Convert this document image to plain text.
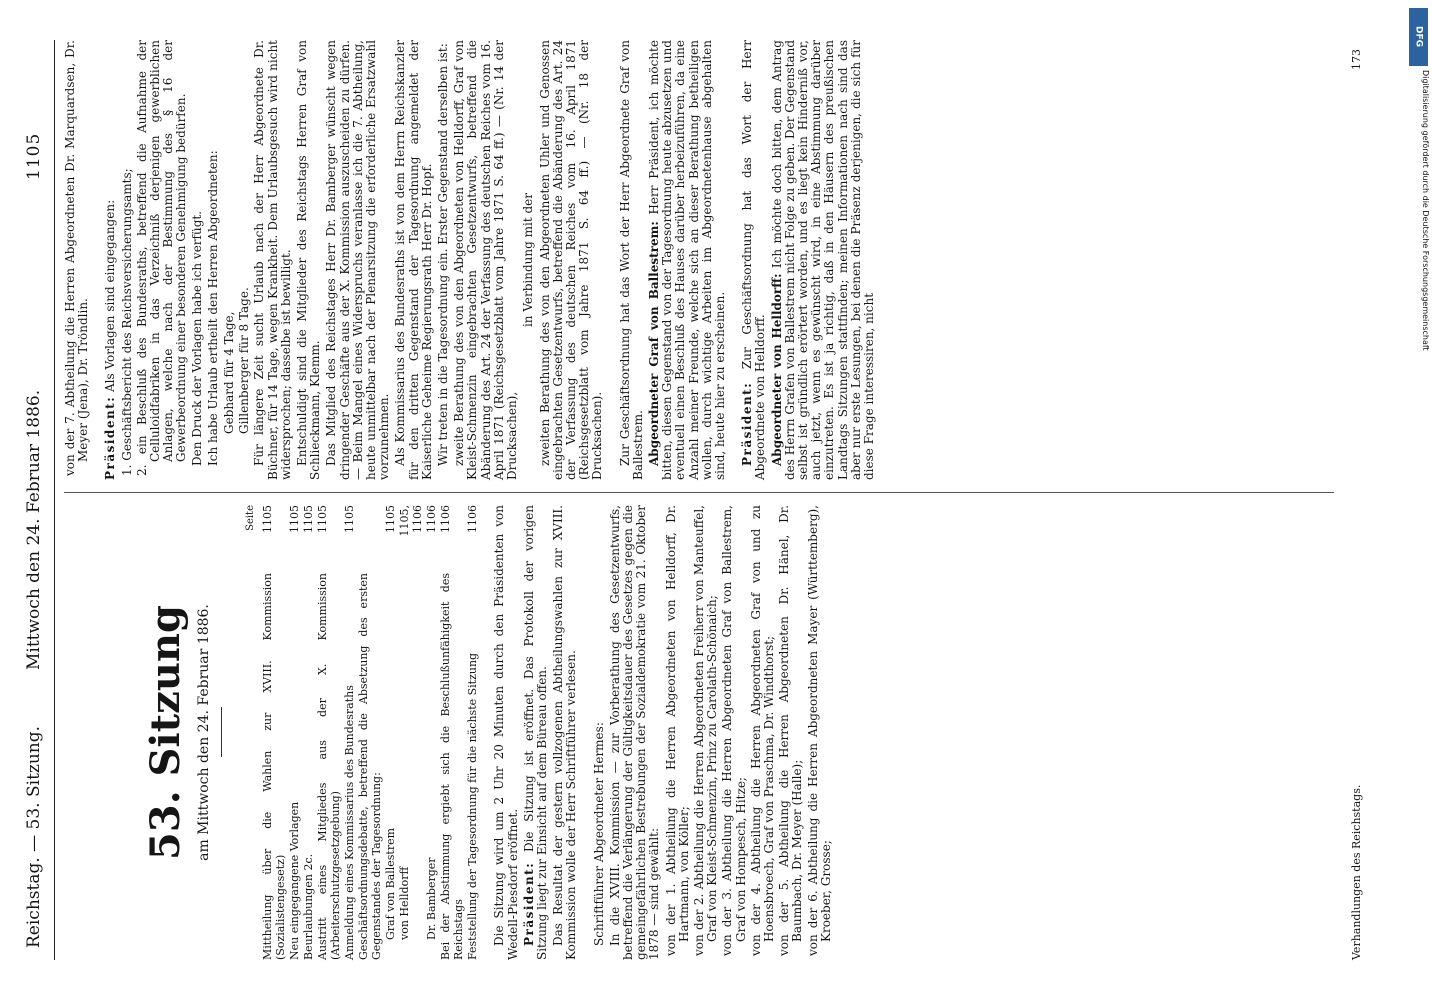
Reichstag. — 53. Sitzung.
Mittwoch den 24. Februar 1886.
1105
53. Sitzung am Mittwoch den 24. Februar 1886.
Seite
Mittheilung über die Wahlen zur XVIII. Kommission (Sozialistengesetz)
1105
Neu eingegangene Vorlagen
1105
Beurlaubungen 2c.
1105
Austritt eines Mitgliedes aus der X. Kommission (Arbeiterschutzgesetzgebung)
1105
Anmeldung eines Kommissarius des Bundesraths
1105
Geschäftsordnungsdebatte, betreffend die Absetzung des ersten Gegenstandes der Tagesordnung: Graf von Ballestrem
1105
von Helldorff
1105, 1106
Dr. Bamberger
1106
Bei der Abstimmung ergiebt sich die Beschlußunfähigkeit des Reichstags
1106
Feststellung der Tagesordnung für die nächste Sitzung
1106 Die Sitzung wird um 2 Uhr 20 Minuten durch den Präsidenten von Wedell-Piesdorf eröffnet. Präsident: Die Sitzung ist eröffnet. Das Protokoll der vorigen Sitzung liegt zur Einsicht auf dem Büreau offen. Das Resultat der gestern vollzogenen Abtheilungswahlen zur XVIII. Kommission wolle der Herr Schriftführer verlesen. Schriftführer Abgeordneter Hermes: In die XVIII. Kommission — zur Vorberathung des Gesetzentwurfs, betreffend die Verlängerung der Gültigkeitsdauer des Gesetzes gegen die gemeingefährlichen Bestrebungen der Sozialdemokratie vom 21. Oktober 1878 — sind gewählt: von der 1. Abtheilung die Herren Abgeordneten von Helldorff, Dr. Hartmann, von Köller; von der 2. Abtheilung die Herren Abgeordneten Freiherr von Manteuffel, Graf von Kleist-Schmenzin, Prinz zu Carolath-Schönaich; von der 3. Abtheilung die Herren Abgeordneten Graf von Ballestrem, Graf von Hompesch, Hitze; von der 4. Abtheilung die Herren Abgeordneten Graf von und zu Hoensbroech, Graf von Praschma, Dr. Windthorst; von der 5. Abtheilung die Herren Abgeordneten Dr. Hänel, Dr. Baumbach, Dr. Meyer (Halle); von der 6. Abtheilung die Herren Abgeordneten Mayer (Württemberg), Kroeber, Grosse;
von der 7. Abtheilung die Herren Abgeordneten Dr. Marquardsen, Dr. Meyer (Jena), Dr. Tröndlin. Präsident: Als Vorlagen sind eingegangen: 1. Geschäftsbericht des Reichsversicherungsamts; 2. ein Beschluß des Bundesraths, betreffend die Aufnahme der Celluloidfabriken in das Verzeichniß derjenigen gewerblichen Anlagen, welche nach der Bestimmung des § 16 der Gewerbeordnung einer besonderen Genehmigung bedürfen. Den Druck der Vorlagen habe ich verfügt. Ich habe Urlaub ertheilt den Herren Abgeordneten: Gebhard für 4 Tage, Gillenberger für 8 Tage. Für längere Zeit sucht Urlaub nach der Herr Abgeordnete Dr. Büchner, für 14 Tage, wegen Krankheit. Dem Urlaubsgesuch wird nicht widersprochen; dasselbe ist bewilligt. Entschuldigt sind die Mitglieder des Reichstags Herren Graf von Schlieckmann, Klemm. Das Mitglied des Reichstages Herr Dr. Bamberger wünscht wegen dringender Geschäfte aus der X. Kommission auszuscheiden zu dürfen. — Beim Mangel eines Widerspruchs veranlasse ich die 7. Abtheilung, heute unmittelbar nach der Plenarsitzung die erforderliche Ersatzwahl vorzunehmen. Als Kommissarius des Bundesraths ist von dem Herrn Reichskanzler für den dritten Gegenstand der Tagesordnung angemeldet der Kaiserliche Geheime Regierungsrath Herr Dr. Hopf. Wir treten in die Tagesordnung ein. Erster Gegenstand derselben ist: zweite Berathung des von den Abgeordneten von Helldorff, Graf von Kleist-Schmenzin eingebrachten Gesetzentwurfs, betreffend die Abänderung des Art. 24 der Verfassung des deutschen Reiches vom 16. April 1871 (Reichsgesetzblatt vom Jahre 1871 S. 64 ff.) — (Nr. 14 der Drucksachen),

in Verbindung mit der zweiten Berathung des von den Abgeordneten Uhler und Genossen eingebrachten Gesetzentwurfs, betreffend die Abänderung des Art. 24 der Verfassung des deutschen Reiches vom 16. April 1871 (Reichsgesetzblatt vom Jahre 1871 S. 64 ff.) — (Nr. 18 der Drucksachen). Zur Geschäftsordnung hat das Wort der Herr Abgeordnete Graf von Ballestrem. Abgeordneter Graf von Ballestrem: Herr Präsident, ich möchte bitten, diesen Gegenstand von der Tagesordnung heute abzusetzen und eventuell einen Beschluß des Hauses darüber herbeizuführen, da eine Anzahl meiner Freunde, welche sich an dieser Berathung betheiligen wollen, durch wichtige Arbeiten im Abgeordnetenhause abgehalten sind, heute hier zu erscheinen. Präsident: Zur Geschäftsordnung hat das Wort der Herr Abgeordnete von Helldorff. Abgeordneter von Helldorff: Ich möchte doch bitten, dem Antrag des Herrn Grafen von Ballestrem nicht Folge zu geben. Der Gegenstand selbst ist gründlich erörtert worden, und es liegt kein Hinderniß vor, auch jetzt, wenn es gewünscht wird, in eine Abstimmung darüber einzutreten. Es ist ja richtig, daß in den Häusern des preußischen Landtags Sitzungen stattfinden; meinen Informationen nach sind das aber nur erste Lesungen, bei denen die Präsenz derjenigen, die sich für diese Frage interessiren, nicht

Verhandlungen des Reichstags.
173
DFG
Digitalisierung gefördert durch die Deutsche Forschungsgemeinschaft
